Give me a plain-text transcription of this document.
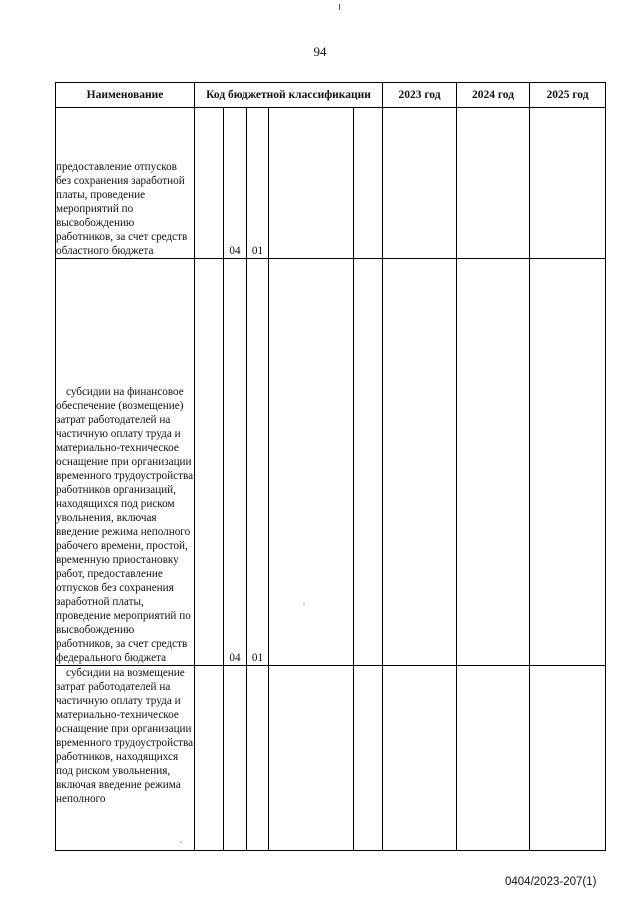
94
Наименование	Код бюджетной классификации					2023 год	2024 год	2025 год
предоставление отпусков без сохранения заработной платы, проведение мероприятий по высвобождению работников, за счет средств областного бюджета		04	01					
субсидии на финансовое обеспечение (возмещение) затрат работодателей на частичную оплату труда и материально-техническое оснащение при организации временного трудоустройства работников организаций, находящихся под риском увольнения, включая введение режима неполного рабочего времени, простой, временную приостановку работ, предоставление отпусков без сохранения заработной платы, проведение мероприятий по высвобождению работников, за счет средств федерального бюджета		04	01					
субсидии на возмещение затрат работодателей на частичную оплату труда и материально-техническое оснащение при организации временного трудоустройства работников, находящихся под риском увольнения, включая введение режима неполного								
0404/2023-207(1)
